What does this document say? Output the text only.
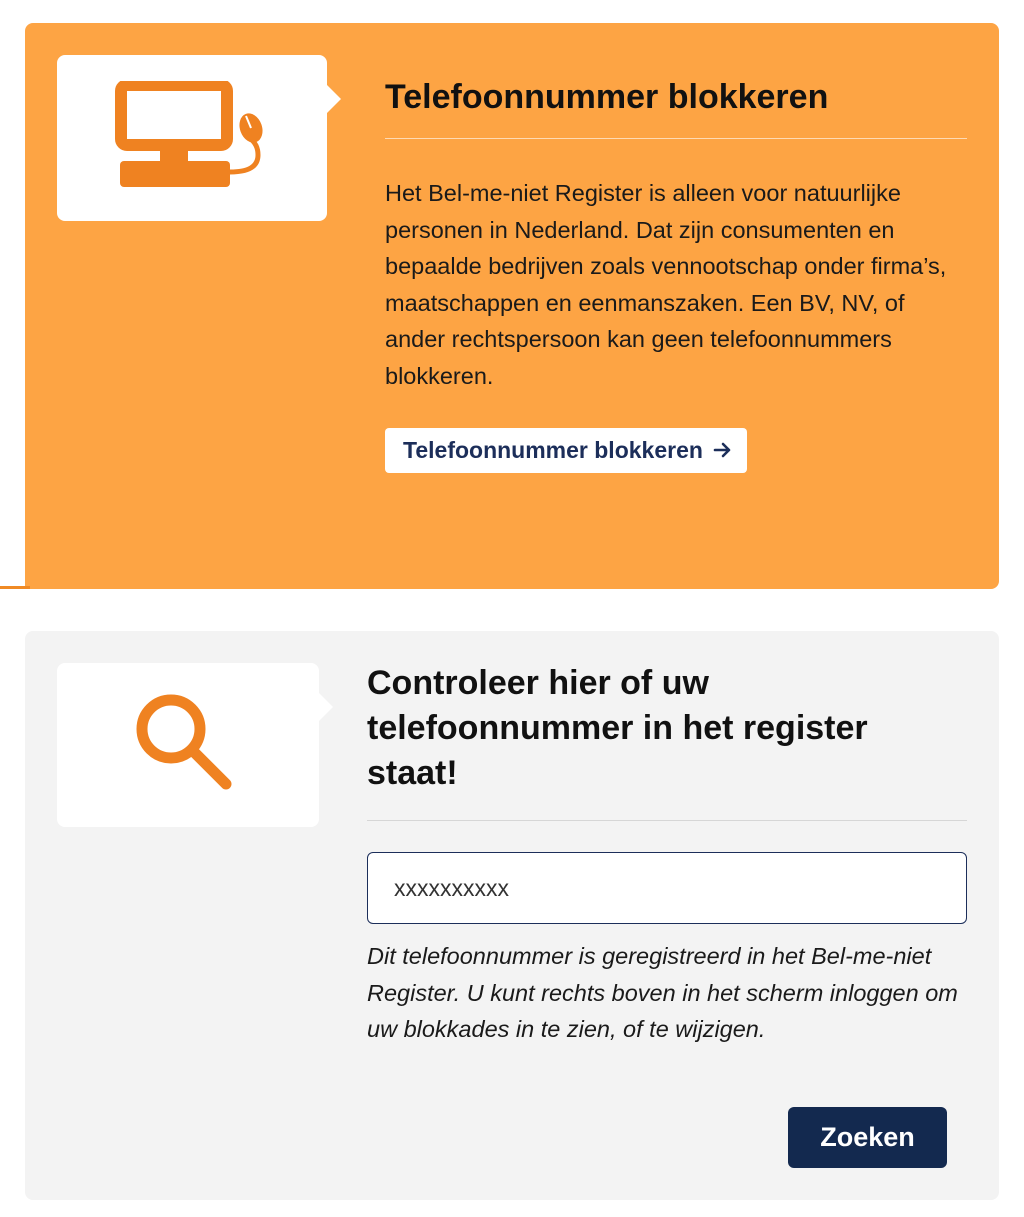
Telefoonnummer blokkeren

Het Bel-me-niet Register is alleen voor natuurlijke personen in Nederland. Dat zijn consumenten en bepaalde bedrijven zoals vennootschap onder firma’s, maatschappen en eenmanszaken. Een BV, NV, of ander rechtspersoon kan geen telefoonnummers blokkeren.

Telefoonnummer blokkeren
Controleer hier of uw telefoonnummer in het register staat!
xxxxxxxxxx

Dit telefoonnummer is geregistreerd in het Bel-me-niet Register. U kunt rechts boven in het scherm inloggen om uw blokkades in te zien, of te wijzigen.

Zoeken
